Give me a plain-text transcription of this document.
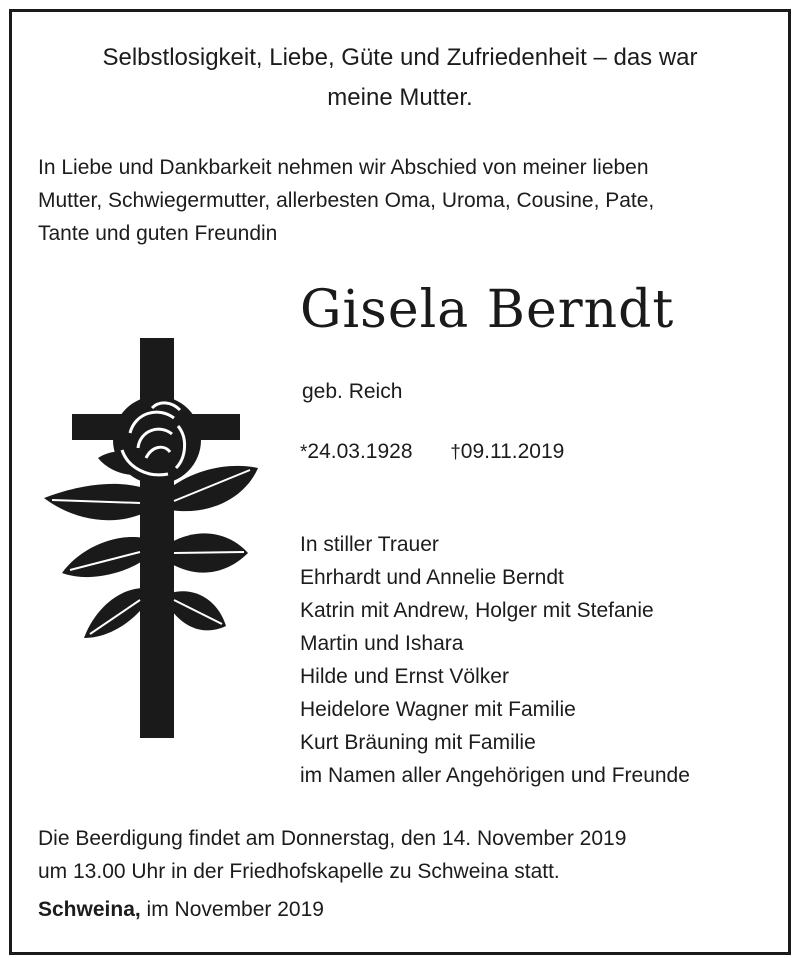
Selbstlosigkeit, Liebe, Güte und Zufriedenheit – das war
meine Mutter.
In Liebe und Dankbarkeit nehmen wir Abschied von meiner lieben
Mutter, Schwiegermutter, allerbesten Oma, Uroma, Cousine, Pate,
Tante und guten Freundin
Gisela Berndt
geb. Reich
*24.03.1928 †09.11.2019
In stiller Trauer
Ehrhardt und Annelie Berndt
Katrin mit Andrew, Holger mit Stefanie
Martin und Ishara
Hilde und Ernst Völker
Heidelore Wagner mit Familie
Kurt Bräuning mit Familie
im Namen aller Angehörigen und Freunde
Die Beerdigung findet am Donnerstag, den 14. November 2019
um 13.00 Uhr in der Friedhofskapelle zu Schweina statt.
Schweina, im November 2019
